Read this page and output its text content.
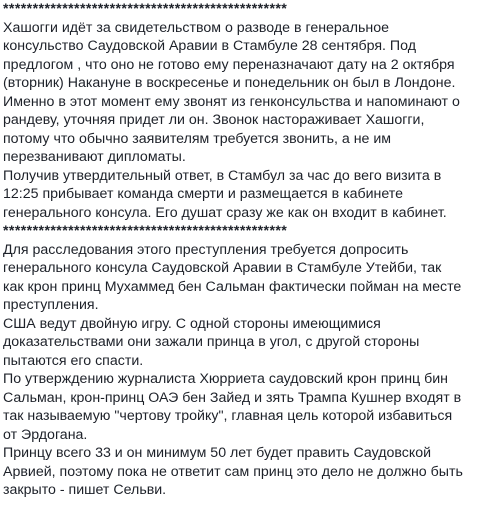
************************************************
Хашогги идёт за свидетельством о разводе в генеральное
консульство Саудовской Аравии в Стамбуле 28 сентября. Под
предлогом , что оно не готово ему переназначают дату на 2 октября
(вторник) Накануне в воскресенье и понедельник он был в Лондоне.
Именно в этот момент ему звонят из генконсульства и напоминают о
рандеву, уточняя придет ли он. Звонок настораживает Хашогги,
потому что обычно заявителям требуется звонить, а не им
перезванивают дипломаты.
Получив утвердительный ответ, в Стамбул за час до вего визита в
12:25 прибывает команда смерти и размещается в кабинете
генерального консула. Его душат сразу же как он входит в кабинет.
************************************************
Для расследования этого преступления требуется допросить
генерального консула Саудовской Аравии в Стамбуле Утейби, так
как крон принц Мухаммед бен Сальман фактически пойман на месте
преступления.
США ведут двойную игру. С одной стороны имеющимися
доказательствами они зажали принца в угол, с другой стороны
пытаются его спасти.
По утверждению журналиста Хюрриета саудовский крон принц бин
Сальман, крон-принц ОАЭ бен Зайед и зять Трампа Кушнер входят в
так называемую "чертову тройку", главная цель которой избавиться
от Эрдогана.
Принцу всего 33 и он минимум 50 лет будет править Саудовской
Арвией, поэтому пока не ответит сам принц это дело не должно быть
закрыто - пишет Сельви.
